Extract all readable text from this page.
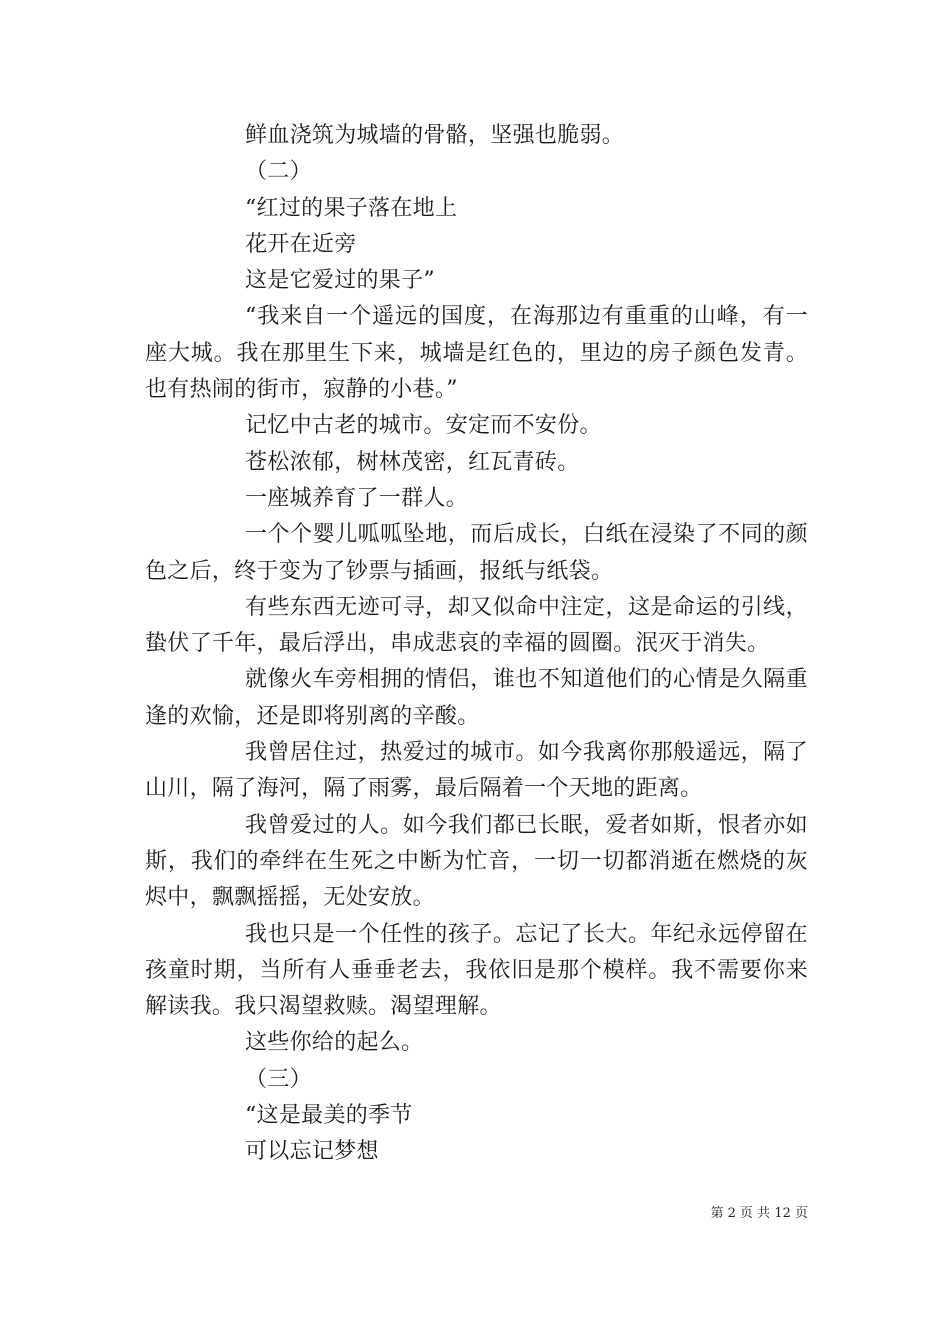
鲜血浇筑为城墙的骨骼，坚强也脆弱。

（二）

“红过的果子落在地上

花开在近旁

这是它爱过的果子”

“我来自一个遥远的国度，在海那边有重重的山峰，有一座大城。我在那里生下来，城墙是红色的，里边的房子颜色发青。也有热闹的街市，寂静的小巷。”

记忆中古老的城市。安定而不安份。

苍松浓郁，树林茂密，红瓦青砖。

一座城养育了一群人。

一个个婴儿呱呱坠地，而后成长，白纸在浸染了不同的颜色之后，终于变为了钞票与插画，报纸与纸袋。

有些东西无迹可寻，却又似命中注定，这是命运的引线，蛰伏了千年，最后浮出，串成悲哀的幸福的圆圈。泯灭于消失。

就像火车旁相拥的情侣，谁也不知道他们的心情是久隔重逢的欢愉，还是即将别离的辛酸。

我曾居住过，热爱过的城市。如今我离你那般遥远，隔了山川，隔了海河，隔了雨雾，最后隔着一个天地的距离。

我曾爱过的人。如今我们都已长眠，爱者如斯，恨者亦如斯，我们的牵绊在生死之中断为忙音，一切一切都消逝在燃烧的灰烬中，飘飘摇摇，无处安放。

我也只是一个任性的孩子。忘记了长大。年纪永远停留在孩童时期，当所有人垂垂老去，我依旧是那个模样。我不需要你来解读我。我只渴望救赎。渴望理解。

这些你给的起么。

（三）

“这是最美的季节

可以忘记梦想

第 2 页 共 12 页
